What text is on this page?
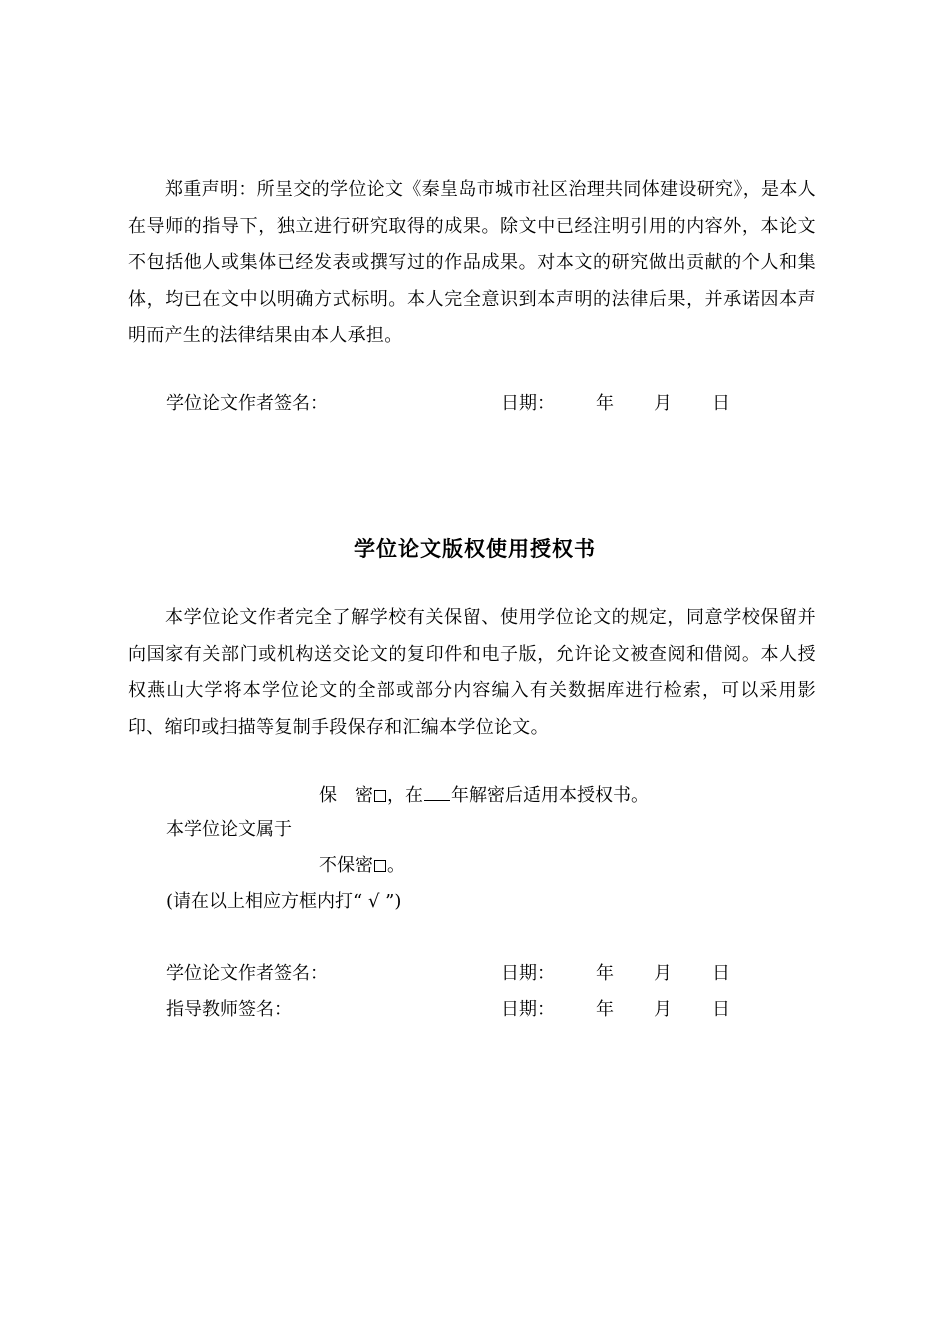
郑重声明：所呈交的学位论文《秦皇岛市城市社区治理共同体建设研究》，是本人在导师的指导下，独立进行研究取得的成果。除文中已经注明引用的内容外，本论文不包括他人或集体已经发表或撰写过的作品成果。对本文的研究做出贡献的个人和集体，均已在文中以明确方式标明。本人完全意识到本声明的法律后果，并承诺因本声明而产生的法律结果由本人承担。

学位论文作者签名：	日期： 年 月 日
学位论文版权使用授权书

本学位论文作者完全了解学校有关保留、使用学位论文的规定，同意学校保留并向国家有关部门或机构送交论文的复印件和电子版，允许论文被查阅和借阅。本人授权燕山大学将本学位论文的全部或部分内容编入有关数据库进行检索，可以采用影印、缩印或扫描等复制手段保存和汇编本学位论文。

保　密 ，在 年解密后适用本授权书。
本学位论文属于
不保密 。
(请在以上相应方框内打“ √ ”)
学位论文作者签名：	日期： 年 月 日
指导教师签名：	日期： 年 月 日
